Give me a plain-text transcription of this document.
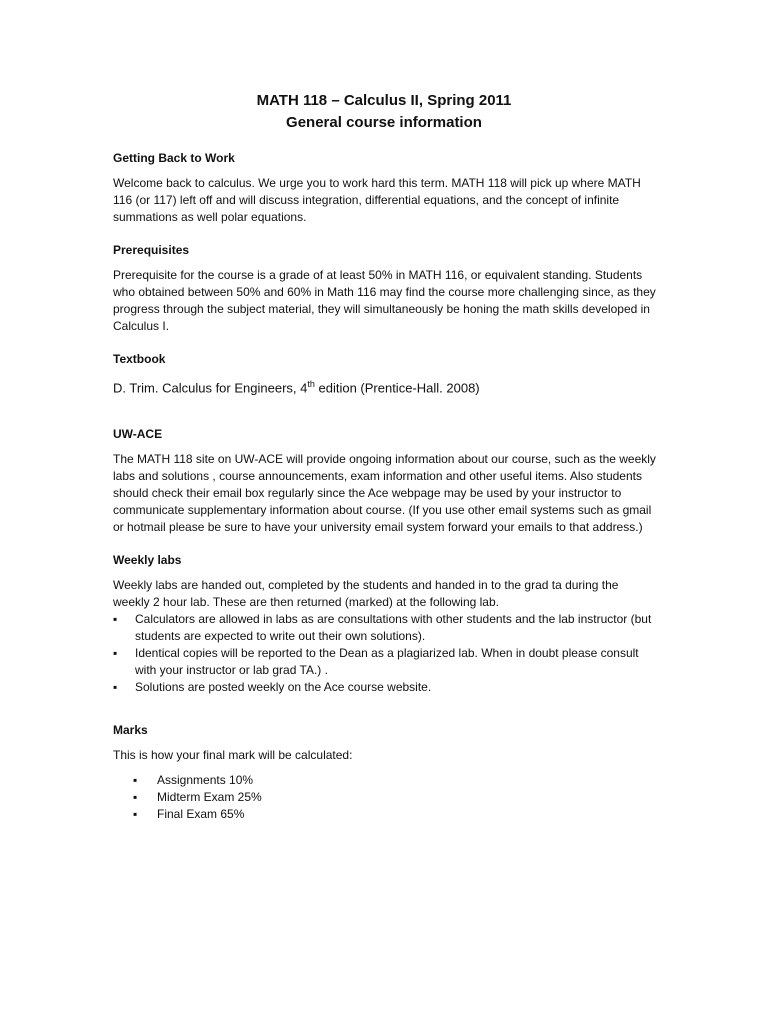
MATH 118 – Calculus II, Spring 2011
General course information

Getting Back to Work

Welcome back to calculus. We urge you to work hard this term. MATH 118 will pick up where MATH 116 (or 117) left off and will discuss integration, differential equations, and the concept of infinite summations as well polar equations.

Prerequisites

Prerequisite for the course is a grade of at least 50% in MATH 116, or equivalent standing. Students who obtained between 50% and 60% in Math 116 may find the course more challenging since, as they progress through the subject material, they will simultaneously be honing the math skills developed in Calculus I.

Textbook

D. Trim. Calculus for Engineers, 4th edition (Prentice-Hall. 2008)

UW-ACE

The MATH 118 site on UW-ACE will provide ongoing information about our course, such as the weekly labs and solutions , course announcements, exam information and other useful items. Also students should check their email box regularly since the Ace webpage may be used by your instructor to communicate supplementary information about course. (If you use other email systems such as gmail or hotmail please be sure to have your university email system forward your emails to that address.)

Weekly labs

Weekly labs are handed out, completed by the students and handed in to the grad ta during the weekly 2 hour lab. These are then returned (marked) at the following lab.

▪ Calculators are allowed in labs as are consultations with other students and the lab instructor (but students are expected to write out their own solutions).
▪ Identical copies will be reported to the Dean as a plagiarized lab. When in doubt please consult with your instructor or lab grad TA.) .
▪ Solutions are posted weekly on the Ace course website.

Marks

This is how your final mark will be calculated:

▪ Assignments 10%
▪ Midterm Exam 25%
▪ Final Exam 65%
